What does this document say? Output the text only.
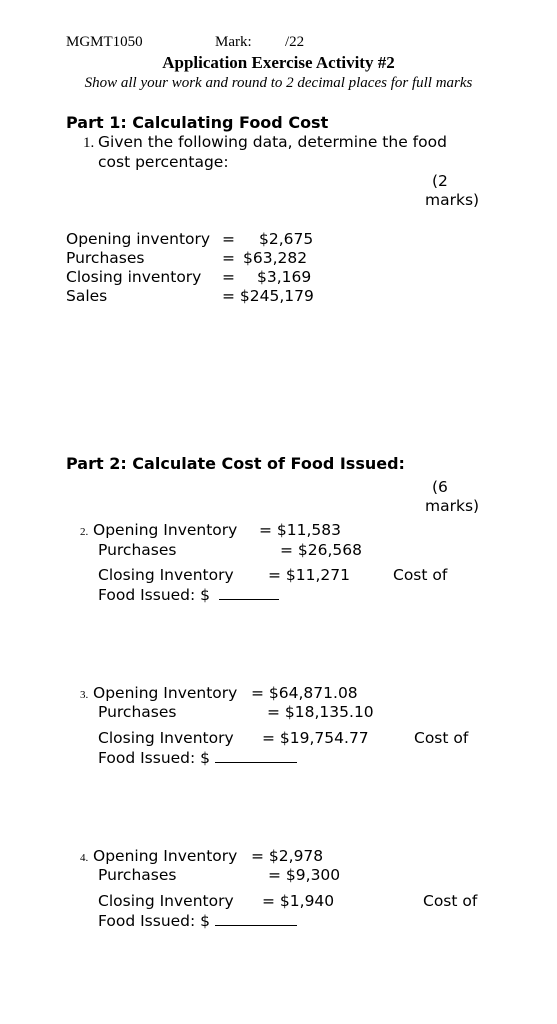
MGMT1050	Mark: /22
Application Exercise Activity #2
Show all your work and round to 2 decimal places for full marks
Part 1: Calculating Food Cost
1. Given the following data, determine the food
cost percentage:
(2
marks)
Opening inventory = $2,675
Purchases	= $63,282
Closing inventory = $3,169
Sales	= $245,179
Part 2: Calculate Cost of Food Issued:
(6
marks)
2. Opening Inventory = $11,583
Purchases	= $26,568
Closing Inventory = $11,271	Cost of
Food Issued: $
3. Opening Inventory = $64,871.08
Purchases	= $18,135.10
Closing Inventory = $19,754.77	Cost of
Food Issued: $
4. Opening Inventory = $2,978
Purchases	= $9,300
Closing Inventory = $1,940	Cost of
Food Issued: $
